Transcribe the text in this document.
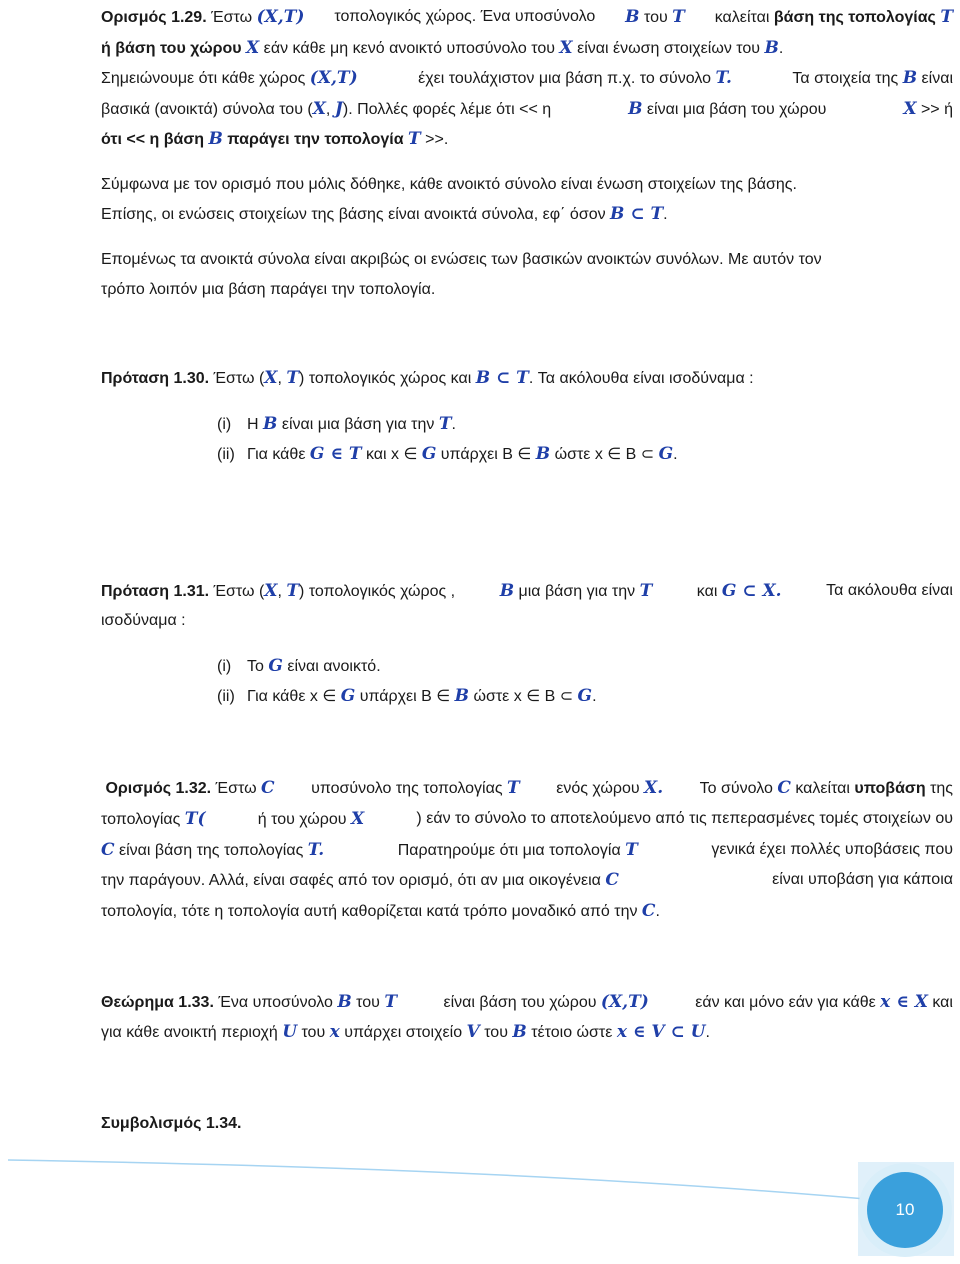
Ορισμός 1.29. Έστω (X,T) τοπολογικός χώρος. Ένα υποσύνολο B του T καλείται βάση της τοπολογίας T
ή βάση του χώρου X εάν κάθε μη κενό ανοικτό υποσύνολο του X είναι ένωση στοιχείων του B.
Σημειώνουμε ότι κάθε χώρος (X,T)	έχει τουλάχιστον μια βάση π.χ. το σύνολο T.	Τα στοιχεία της B είναι
βασικά (ανοικτά) σύνολα του (X, J). Πολλές φορές λέμε ότι << η	B είναι μια βάση του χώρου	X >> ή
ότι << η βάση B παράγει την τοπολογία T >>.
Σύμφωνα με τον ορισμό που μόλις δόθηκε, κάθε ανοικτό σύνολο είναι ένωση στοιχείων της βάσης.
Επίσης, οι ενώσεις στοιχείων της βάσης είναι ανοικτά σύνολα, εφ΄ όσον B ⊂ T.
Επομένως τα ανοικτά σύνολα είναι ακριβώς οι ενώσεις των βασικών ανοικτών συνόλων. Με αυτόν τον
τρόπο λοιπόν μια βάση παράγει την τοπολογία.
Πρόταση 1.30. Έστω (X, T) τοπολογικός χώρος και B ⊂ T. Τα ακόλουθα είναι ισοδύναμα :
(i) Η B είναι μια βάση για την T.
(ii) Για κάθε G ∈ T και x ∈ G υπάρχει B ∈ B ώστε x ∈ B ⊂ G.
Πρόταση 1.31. Έστω (X, T) τοπολογικός χώρος ,	B μια βάση για την T	και G ⊂ X.	Τα ακόλουθα είναι
ισοδύναμα :
(i) Το G είναι ανοικτό.
(ii) Για κάθε x ∈ G υπάρχει B ∈ B ώστε x ∈ B ⊂ G.
Ορισμός 1.32. Έστω C υποσύνολο της τοπολογίας T ενός χώρου X. Το σύνολο C καλείται υποβάση της
τοπολογίας T(	ή του χώρου X	) εάν το σύνολο το αποτελούμενο από τις πεπερασμένες τομές στοιχείων ου
C είναι βάση της τοπολογίας T.	Παρατηρούμε ότι μια τοπολογία T	γενικά έχει πολλές υποβάσεις που
την παράγουν. Αλλά, είναι σαφές από τον ορισμό, ότι αν μια οικογένεια C	είναι υποβάση για κάποια
τοπολογία, τότε η τοπολογία αυτή καθορίζεται κατά τρόπο μοναδικό από την C.
Θεώρημα 1.33. Ένα υποσύνολο B του T	είναι βάση του χώρου (X,T)	εάν και μόνο εάν για κάθε x ∈ X και
για κάθε ανοικτή περιοχή U του x υπάρχει στοιχείο V του B τέτοιο ώστε x ∈ V ⊂ U.
Συμβολισμός 1.34.
10
